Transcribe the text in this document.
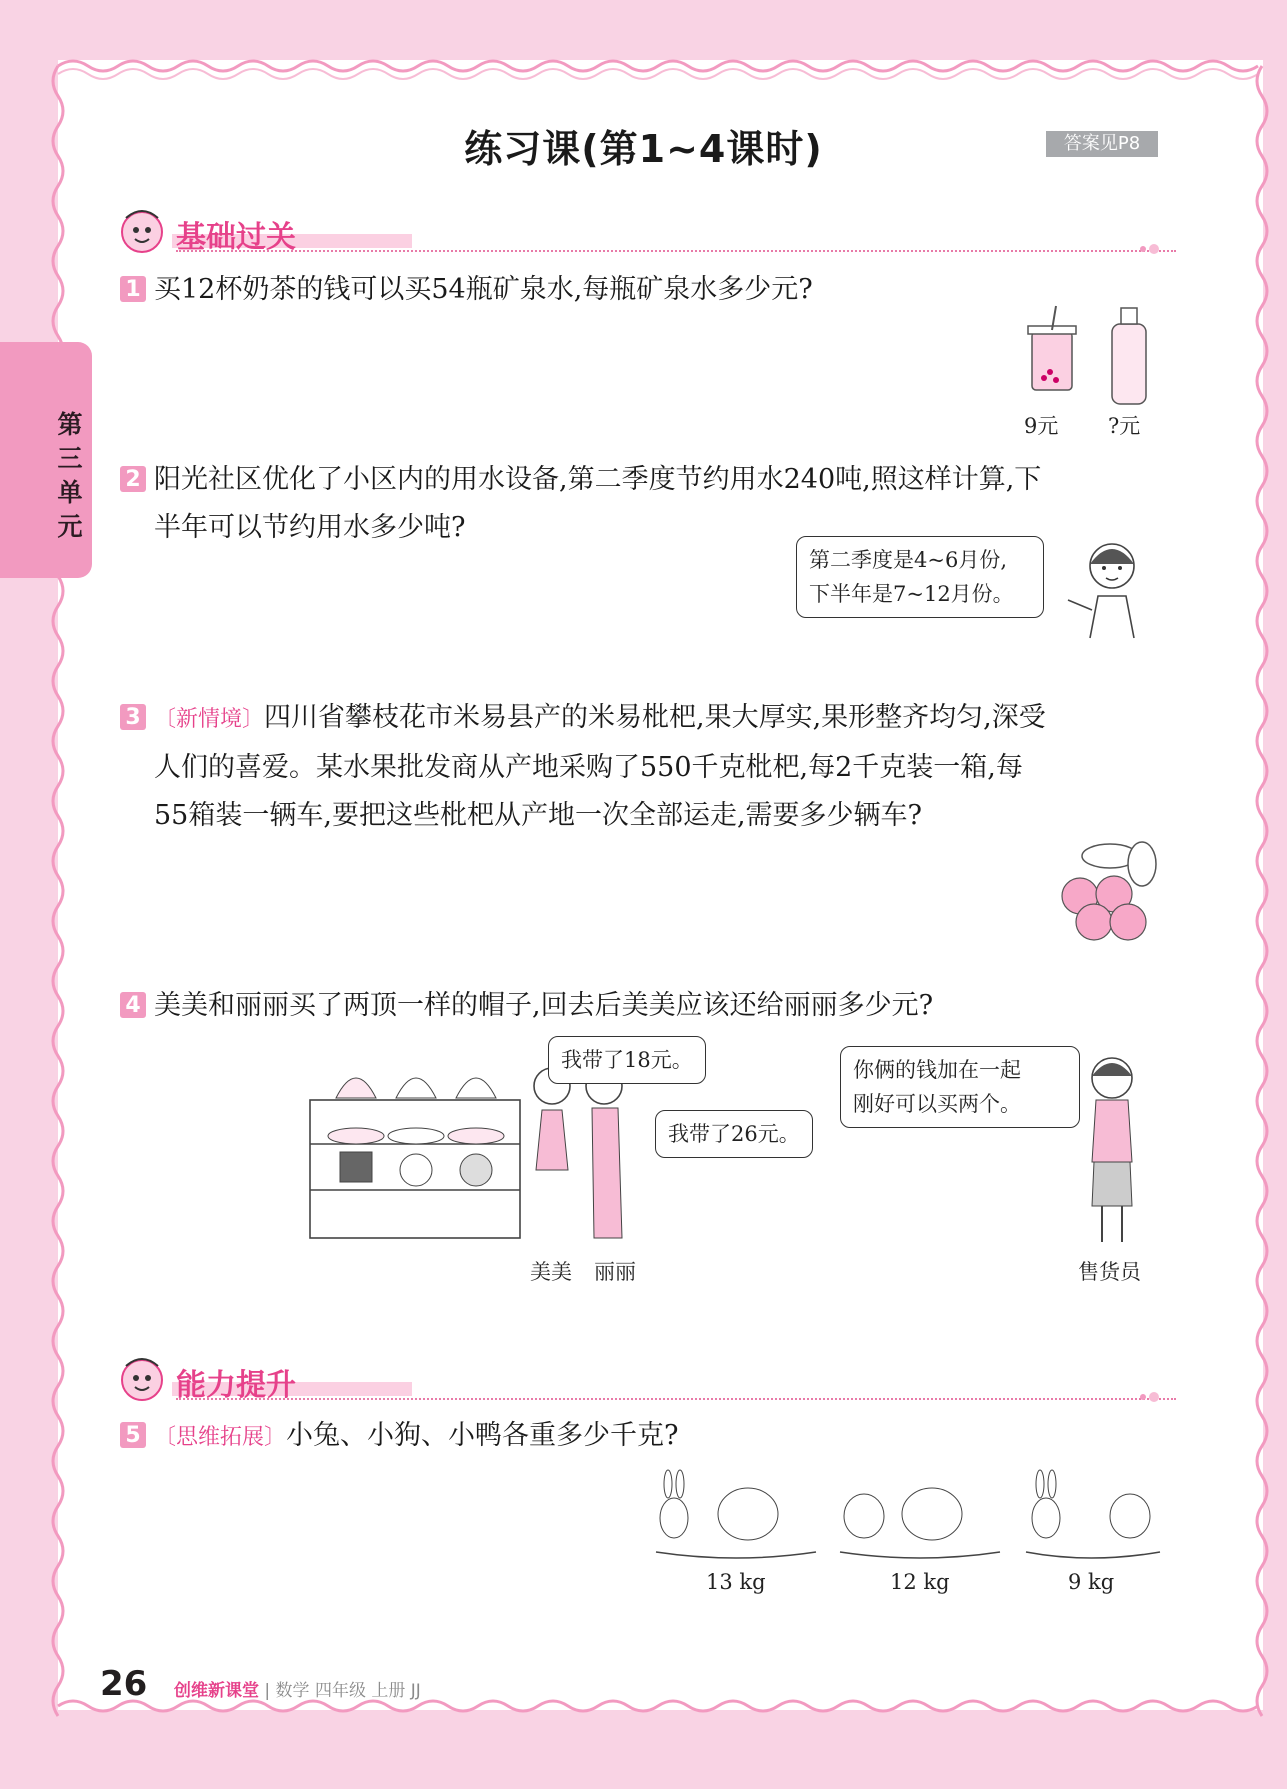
第三单元
练习课(第1~4课时)	答案见P8
基础过关
1 买12杯奶茶的钱可以买54瓶矿泉水,每瓶矿泉水多少元?
9元 ?元
2 阳光社区优化了小区内的用水设备,第二季度节约用水240吨,照这样计算,下
半年可以节约用水多少吨?
第二季度是4~6月份,
下半年是7~12月份。
3 〔新情境〕四川省攀枝花市米易县产的米易枇杷,果大厚实,果形整齐均匀,深受
人们的喜爱。某水果批发商从产地采购了550千克枇杷,每2千克装一箱,每
55箱装一辆车,要把这些枇杷从产地一次全部运走,需要多少辆车?
4 美美和丽丽买了两顶一样的帽子,回去后美美应该还给丽丽多少元?
我带了18元。
我带了26元。
你俩的钱加在一起
刚好可以买两个。
美美 丽丽	售货员
能力提升
5 〔思维拓展〕小兔、小狗、小鸭各重多少千克?
13 kg	12 kg	9 kg
26 创维新课堂 | 数学 四年级 上册 JJ
